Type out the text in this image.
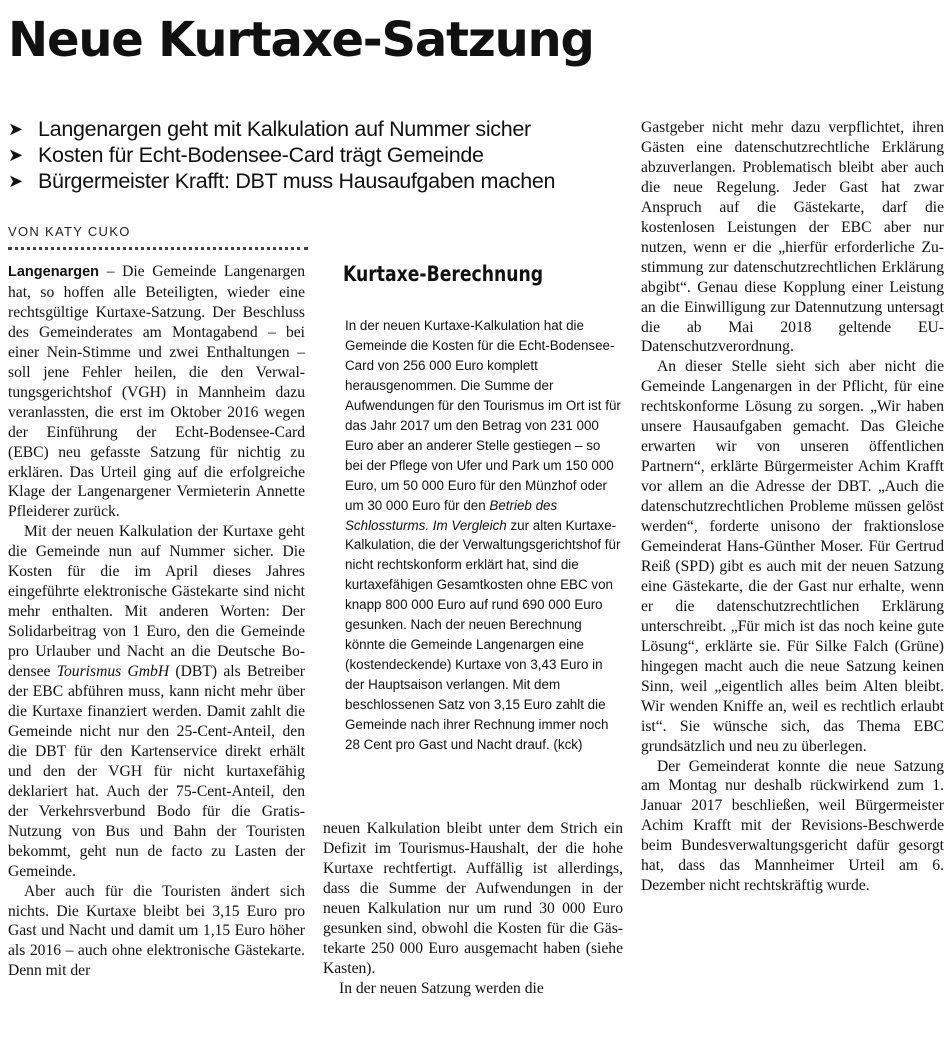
Neue Kurtaxe-Satzung
➤ Langenargen geht mit Kalkulation auf Nummer sicher
➤ Kosten für Echt-Bodensee-Card trägt Gemeinde
➤ Bürgermeister Krafft: DBT muss Hausaufgaben machen

VON KATY CUKO

Langenargen – Die Gemeinde Langenargen hat, so hoffen alle Beteiligten, wieder eine rechtsgültige Kurtaxe-Satzung. Der Beschluss des Gemeinderates am Montagabend – bei einer Nein-Stimme und zwei Enthaltungen – soll jene Fehler heilen, die den Verwaltungsgerichtshof (VGH) in Mannheim dazu veranlassten, die erst im Oktober 2016 wegen der Einführung der Echt-Bodensee-Card (EBC) neu gefasste Satzung für nichtig zu erklären. Das Urteil ging auf die erfolgreiche Klage der Langenargener Vermieterin Annette Pfleiderer zurück.

Mit der neuen Kalkulation der Kurtaxe geht die Gemeinde nun auf Nummer sicher. Die Kosten für die im April dieses Jahres eingeführte elektronische Gästekarte sind nicht mehr enthalten. Mit anderen Worten: Der Solidarbeitrag von 1 Euro, den die Gemeinde pro Urlauber und Nacht an die Deutsche Bodensee Tourismus GmbH (DBT) als Betreiber der EBC abführen muss, kann nicht mehr über die Kurtaxe finanziert werden. Damit zahlt die Gemeinde nicht nur den 25-Cent-Anteil, den die DBT für den Kartenservice direkt erhält und den der VGH für nicht kurtaxefähig deklariert hat. Auch der 75-Cent-Anteil, den der Verkehrsverbund Bodo für die Gratis-Nutzung von Bus und Bahn der Touristen bekommt, geht nun de facto zu Lasten der Gemeinde.

Aber auch für die Touristen ändert sich nichts. Die Kurtaxe bleibt bei 3,15 Euro pro Gast und Nacht und damit um 1,15 Euro höher als 2016 – auch ohne elektronische Gästekarte. Denn mit der

Kurtaxe-Berechnung

In der neuen Kurtaxe-Kalkulation hat die Gemeinde die Kosten für die Echt-Bodensee-Card von 256 000 Euro komplett herausgenommen. Die Summe der Aufwendungen für den Tourismus im Ort ist für das Jahr 2017 um den Betrag von 231 000 Euro aber an anderer Stelle gestiegen – so bei der Pflege von Ufer und Park um 150 000 Euro, um 50 000 Euro für den Münzhof oder um 30 000 Euro für den Betrieb des Schlossturms. Im Vergleich zur alten Kurtaxe-Kalkulation, die der Verwaltungsgerichtshof für nicht rechtskonform erklärt hat, sind die kurtaxefähigen Gesamtkosten ohne EBC von knapp 800 000 Euro auf rund 690 000 Euro gesunken. Nach der neuen Berechnung könnte die Gemeinde Langenargen eine (kostendeckende) Kurtaxe von 3,43 Euro in der Hauptsaison verlangen. Mit dem beschlossenen Satz von 3,15 Euro zahlt die Gemeinde nach ihrer Rechnung immer noch 28 Cent pro Gast und Nacht drauf. (kck)

neuen Kalkulation bleibt unter dem Strich ein Defizit im Tourismus-Haushalt, der die hohe Kurtaxe rechtfertigt. Auffällig ist allerdings, dass die Summe der Aufwendungen in der neuen Kalkulation nur um rund 30 000 Euro gesunken sind, obwohl die Kosten für die Gästekarte 250 000 Euro ausgemacht haben (siehe Kasten).

In der neuen Satzung werden die

Gastgeber nicht mehr dazu verpflichtet, ihren Gästen eine datenschutzrechtliche Erklärung abzuverlangen. Problematisch bleibt aber auch die neue Regelung. Jeder Gast hat zwar Anspruch auf die Gästekarte, darf die kostenlosen Leistungen der EBC aber nur nutzen, wenn er die „hierfür erforderliche Zustimmung zur datenschutzrechtlichen Erklärung abgibt“. Genau diese Kopplung einer Leistung an die Einwilligung zur Datennutzung untersagt die ab Mai 2018 geltende EU-Datenschutzverordnung.

An dieser Stelle sieht sich aber nicht die Gemeinde Langenargen in der Pflicht, für eine rechtskonforme Lösung zu sorgen. „Wir haben unsere Hausaufgaben gemacht. Das Gleiche erwarten wir von unseren öffentlichen Partnern“, erklärte Bürgermeister Achim Krafft vor allem an die Adresse der DBT. „Auch die datenschutzrechtlichen Probleme müssen gelöst werden“, forderte unisono der fraktionslose Gemeinderat Hans-Günther Moser. Für Gertrud Reiß (SPD) gibt es auch mit der neuen Satzung eine Gästekarte, die der Gast nur erhalte, wenn er die datenschutzrechtlichen Erklärung unterschreibt. „Für mich ist das noch keine gute Lösung“, erklärte sie. Für Silke Falch (Grüne) hingegen macht auch die neue Satzung keinen Sinn, weil „eigentlich alles beim Alten bleibt. Wir wenden Kniffe an, weil es rechtlich erlaubt ist“. Sie wünsche sich, das Thema EBC grundsätzlich und neu zu überlegen.

Der Gemeinderat konnte die neue Satzung am Montag nur deshalb rückwirkend zum 1. Januar 2017 beschließen, weil Bürgermeister Achim Krafft mit der Revisions-Beschwerde beim Bundesverwaltungsgericht dafür gesorgt hat, dass das Mannheimer Urteil am 6. Dezember nicht rechtskräftig wurde.
